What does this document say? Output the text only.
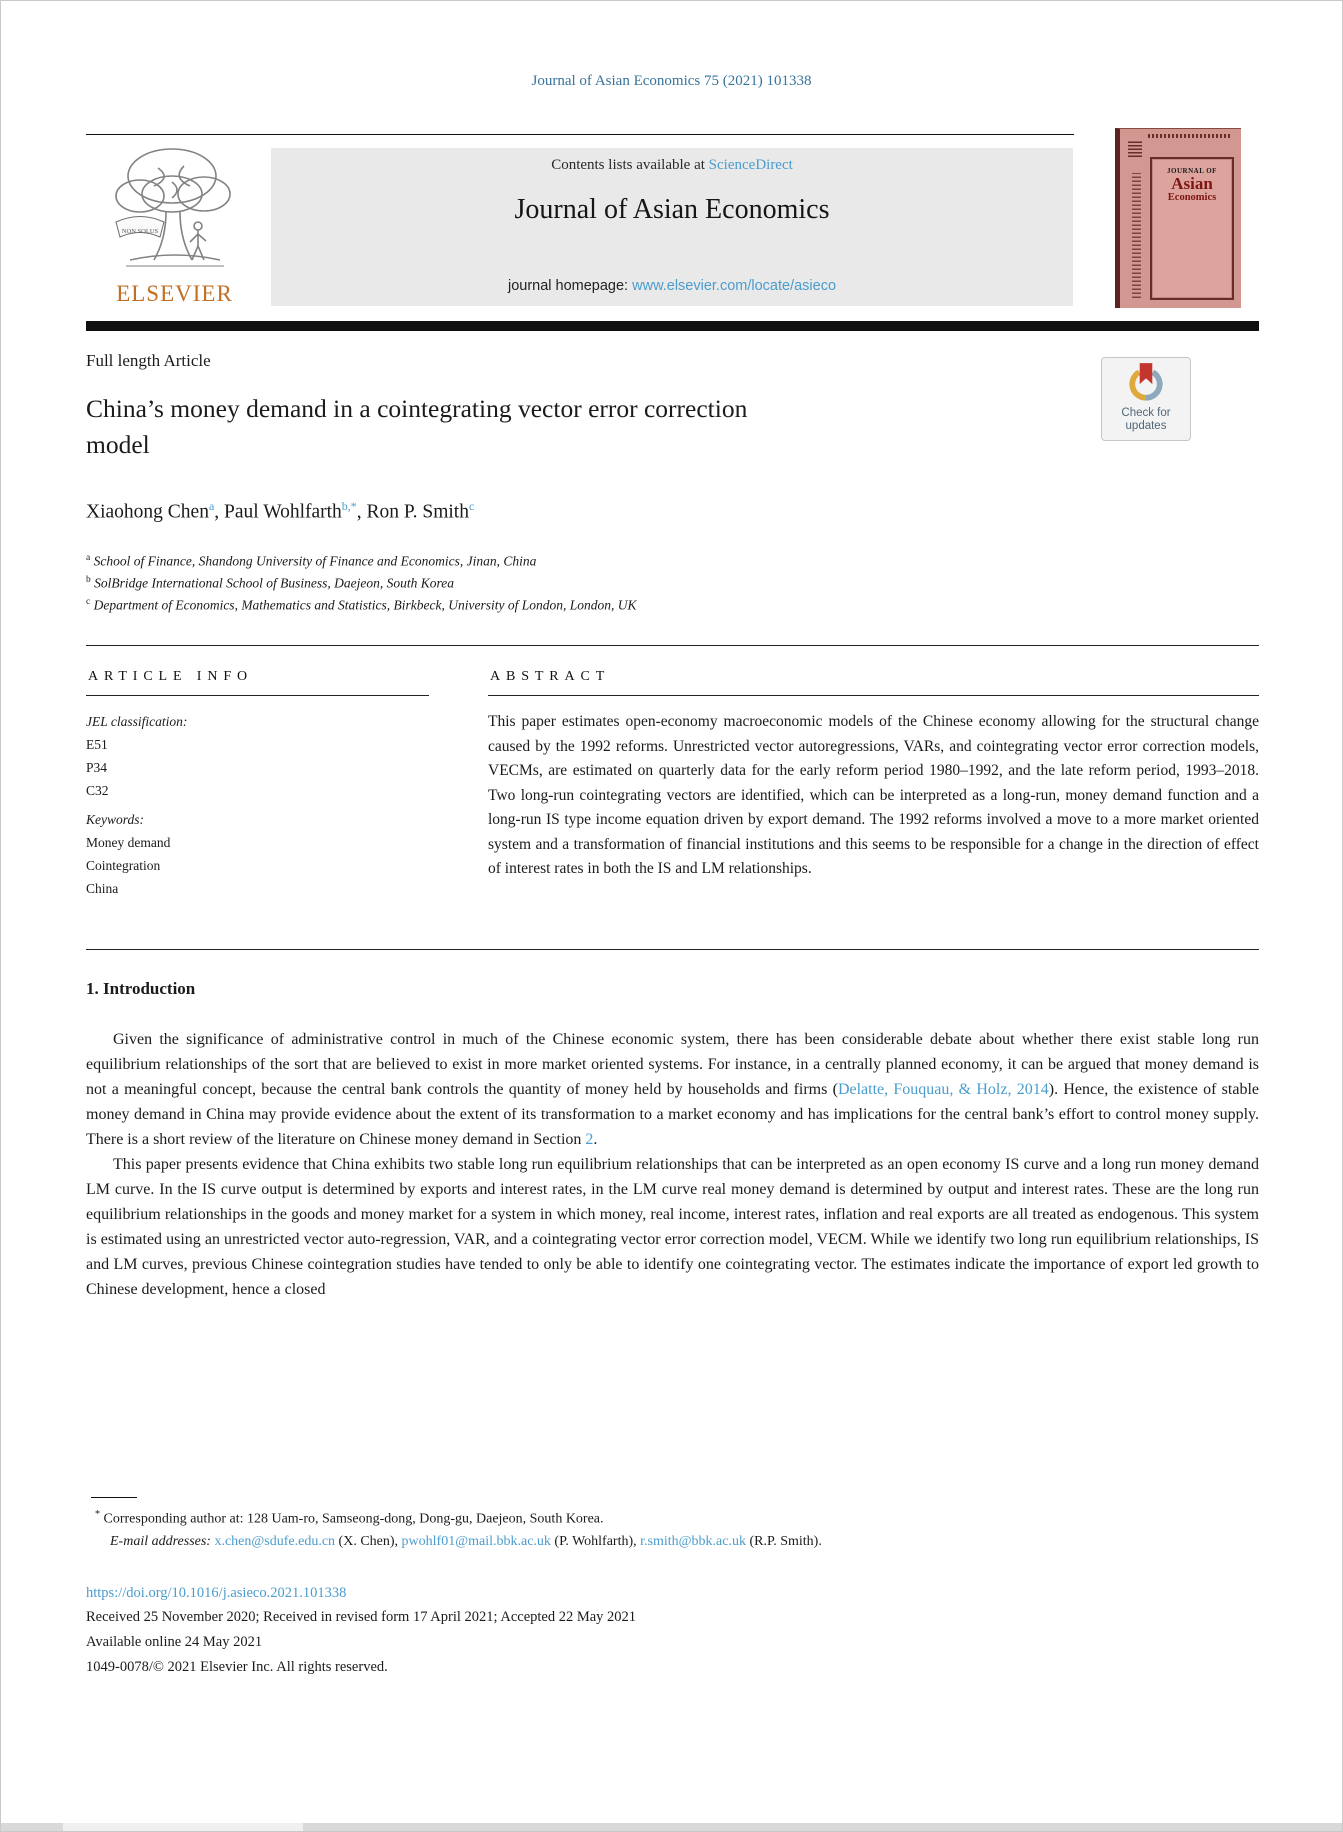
Journal of Asian Economics 75 (2021) 101338
NON SOLUS
ELSEVIER
Contents lists available at ScienceDirect
Journal of Asian Economics
journal homepage: www.elsevier.com/locate/asieco
JOURNAL OF
Asian
Economics
Full length Article
Check for updates
China’s money demand in a cointegrating vector error correction model
Xiaohong Chen$^a$, Paul Wohlfarth$^{b,*}$, Ron P. Smith$^c$
$^a$ School of Finance, Shandong University of Finance and Economics, Jinan, China
$^b$ SolBridge International School of Business, Daejeon, South Korea
$^c$ Department of Economics, Mathematics and Statistics, Birkbeck, University of London, London, UK
ARTICLE INFO
JEL classification:
E51
P34
C32
Keywords:
Money demand
Cointegration
China
ABSTRACT

This paper estimates open-economy macroeconomic models of the Chinese economy allowing for the structural change caused by the 1992 reforms. Unrestricted vector autoregressions, VARs, and cointegrating vector error correction models, VECMs, are estimated on quarterly data for the early reform period 1980–1992, and the late reform period, 1993–2018. Two long-run cointegrating vectors are identified, which can be interpreted as a long-run, money demand function and a long-run IS type income equation driven by export demand. The 1992 reforms involved a move to a more market oriented system and a transformation of financial institutions and this seems to be responsible for a change in the direction of effect of interest rates in both the IS and LM relationships.

1. Introduction

Given the significance of administrative control in much of the Chinese economic system, there has been considerable debate about whether there exist stable long run equilibrium relationships of the sort that are believed to exist in more market oriented systems. For instance, in a centrally planned economy, it can be argued that money demand is not a meaningful concept, because the central bank controls the quantity of money held by households and firms (Delatte, Fouquau, & Holz, 2014). Hence, the existence of stable money demand in China may provide evidence about the extent of its transformation to a market economy and has implications for the central bank’s effort to control money supply. There is a short review of the literature on Chinese money demand in Section 2.

This paper presents evidence that China exhibits two stable long run equilibrium relationships that can be interpreted as an open economy IS curve and a long run money demand LM curve. In the IS curve output is determined by exports and interest rates, in the LM curve real money demand is determined by output and interest rates. These are the long run equilibrium relationships in the goods and money market for a system in which money, real income, interest rates, inflation and real exports are all treated as endogenous. This system is estimated using an unrestricted vector auto-regression, VAR, and a cointegrating vector error correction model, VECM. While we identify two long run equilibrium relationships, IS and LM curves, previous Chinese cointegration studies have tended to only be able to identify one cointegrating vector. The estimates indicate the importance of export led growth to Chinese development, hence a closed

* Corresponding author at: 128 Uam-ro, Samseong-dong, Dong-gu, Daejeon, South Korea.
E-mail addresses: x.chen@sdufe.edu.cn (X. Chen), pwohlf01@mail.bbk.ac.uk (P. Wohlfarth), r.smith@bbk.ac.uk (R.P. Smith).
https://doi.org/10.1016/j.asieco.2021.101338
Received 25 November 2020; Received in revised form 17 April 2021; Accepted 22 May 2021
Available online 24 May 2021
1049-0078/© 2021 Elsevier Inc. All rights reserved.
